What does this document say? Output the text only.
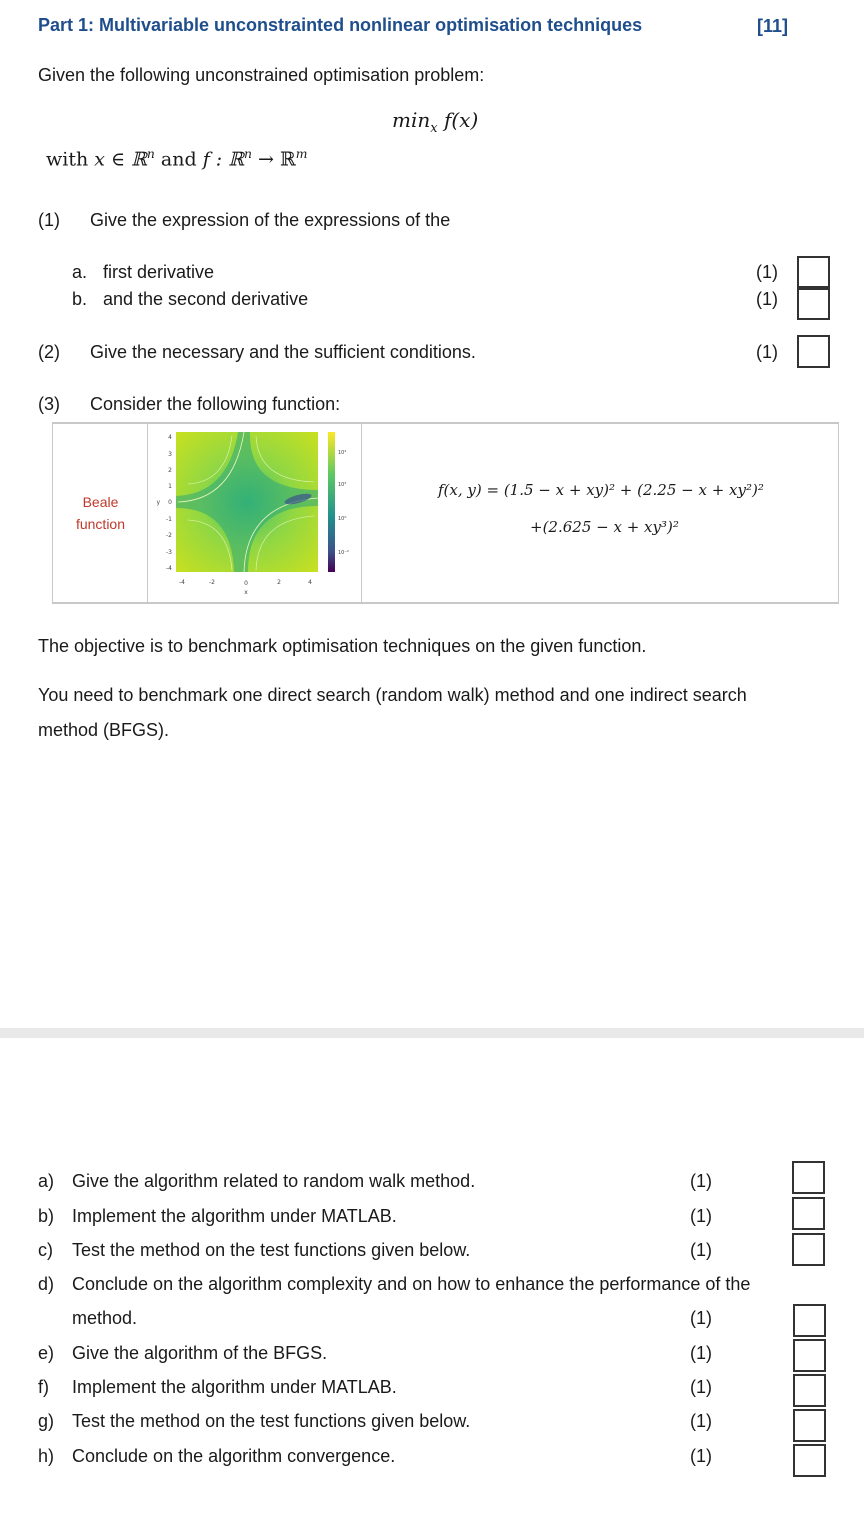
Part 1: Multivariable unconstrainted nonlinear optimisation techniques	[11]
Given the following unconstrained optimisation problem:
$\min_x f(x)$
with x ∈ ℝ$^n$ and f : ℝ$^n$ → ℝ$^m$
(1) Give the expression of the expressions of the
a. first derivative	(1)
b. and the second derivative	(1)
(2) Give the necessary and the sufficient conditions.	(1)
(3) Consider the following function:
Beale
function
4
3
2
1
0
-1
-2
-3
-4
y
-4	-2	0	2	4
x
10⁴
10²
10⁰
10⁻²
f(x, y) = (1.5 − x + xy)² + (2.25 − x + xy²)²
+(2.625 − x + xy³)²
The objective is to benchmark optimisation techniques on the given function.
You need to benchmark one direct search (random walk) method and one indirect search
method (BFGS).
a) Give the algorithm related to random walk method.	(1)
b) Implement the algorithm under MATLAB.	(1)
c) Test the method on the test functions given below.	(1)
d) Conclude on the algorithm complexity and on how to enhance the performance of the
method.	(1)
e) Give the algorithm of the BFGS.	(1)
f) Implement the algorithm under MATLAB.	(1)
g) Test the method on the test functions given below.	(1)
h) Conclude on the algorithm convergence.	(1)
